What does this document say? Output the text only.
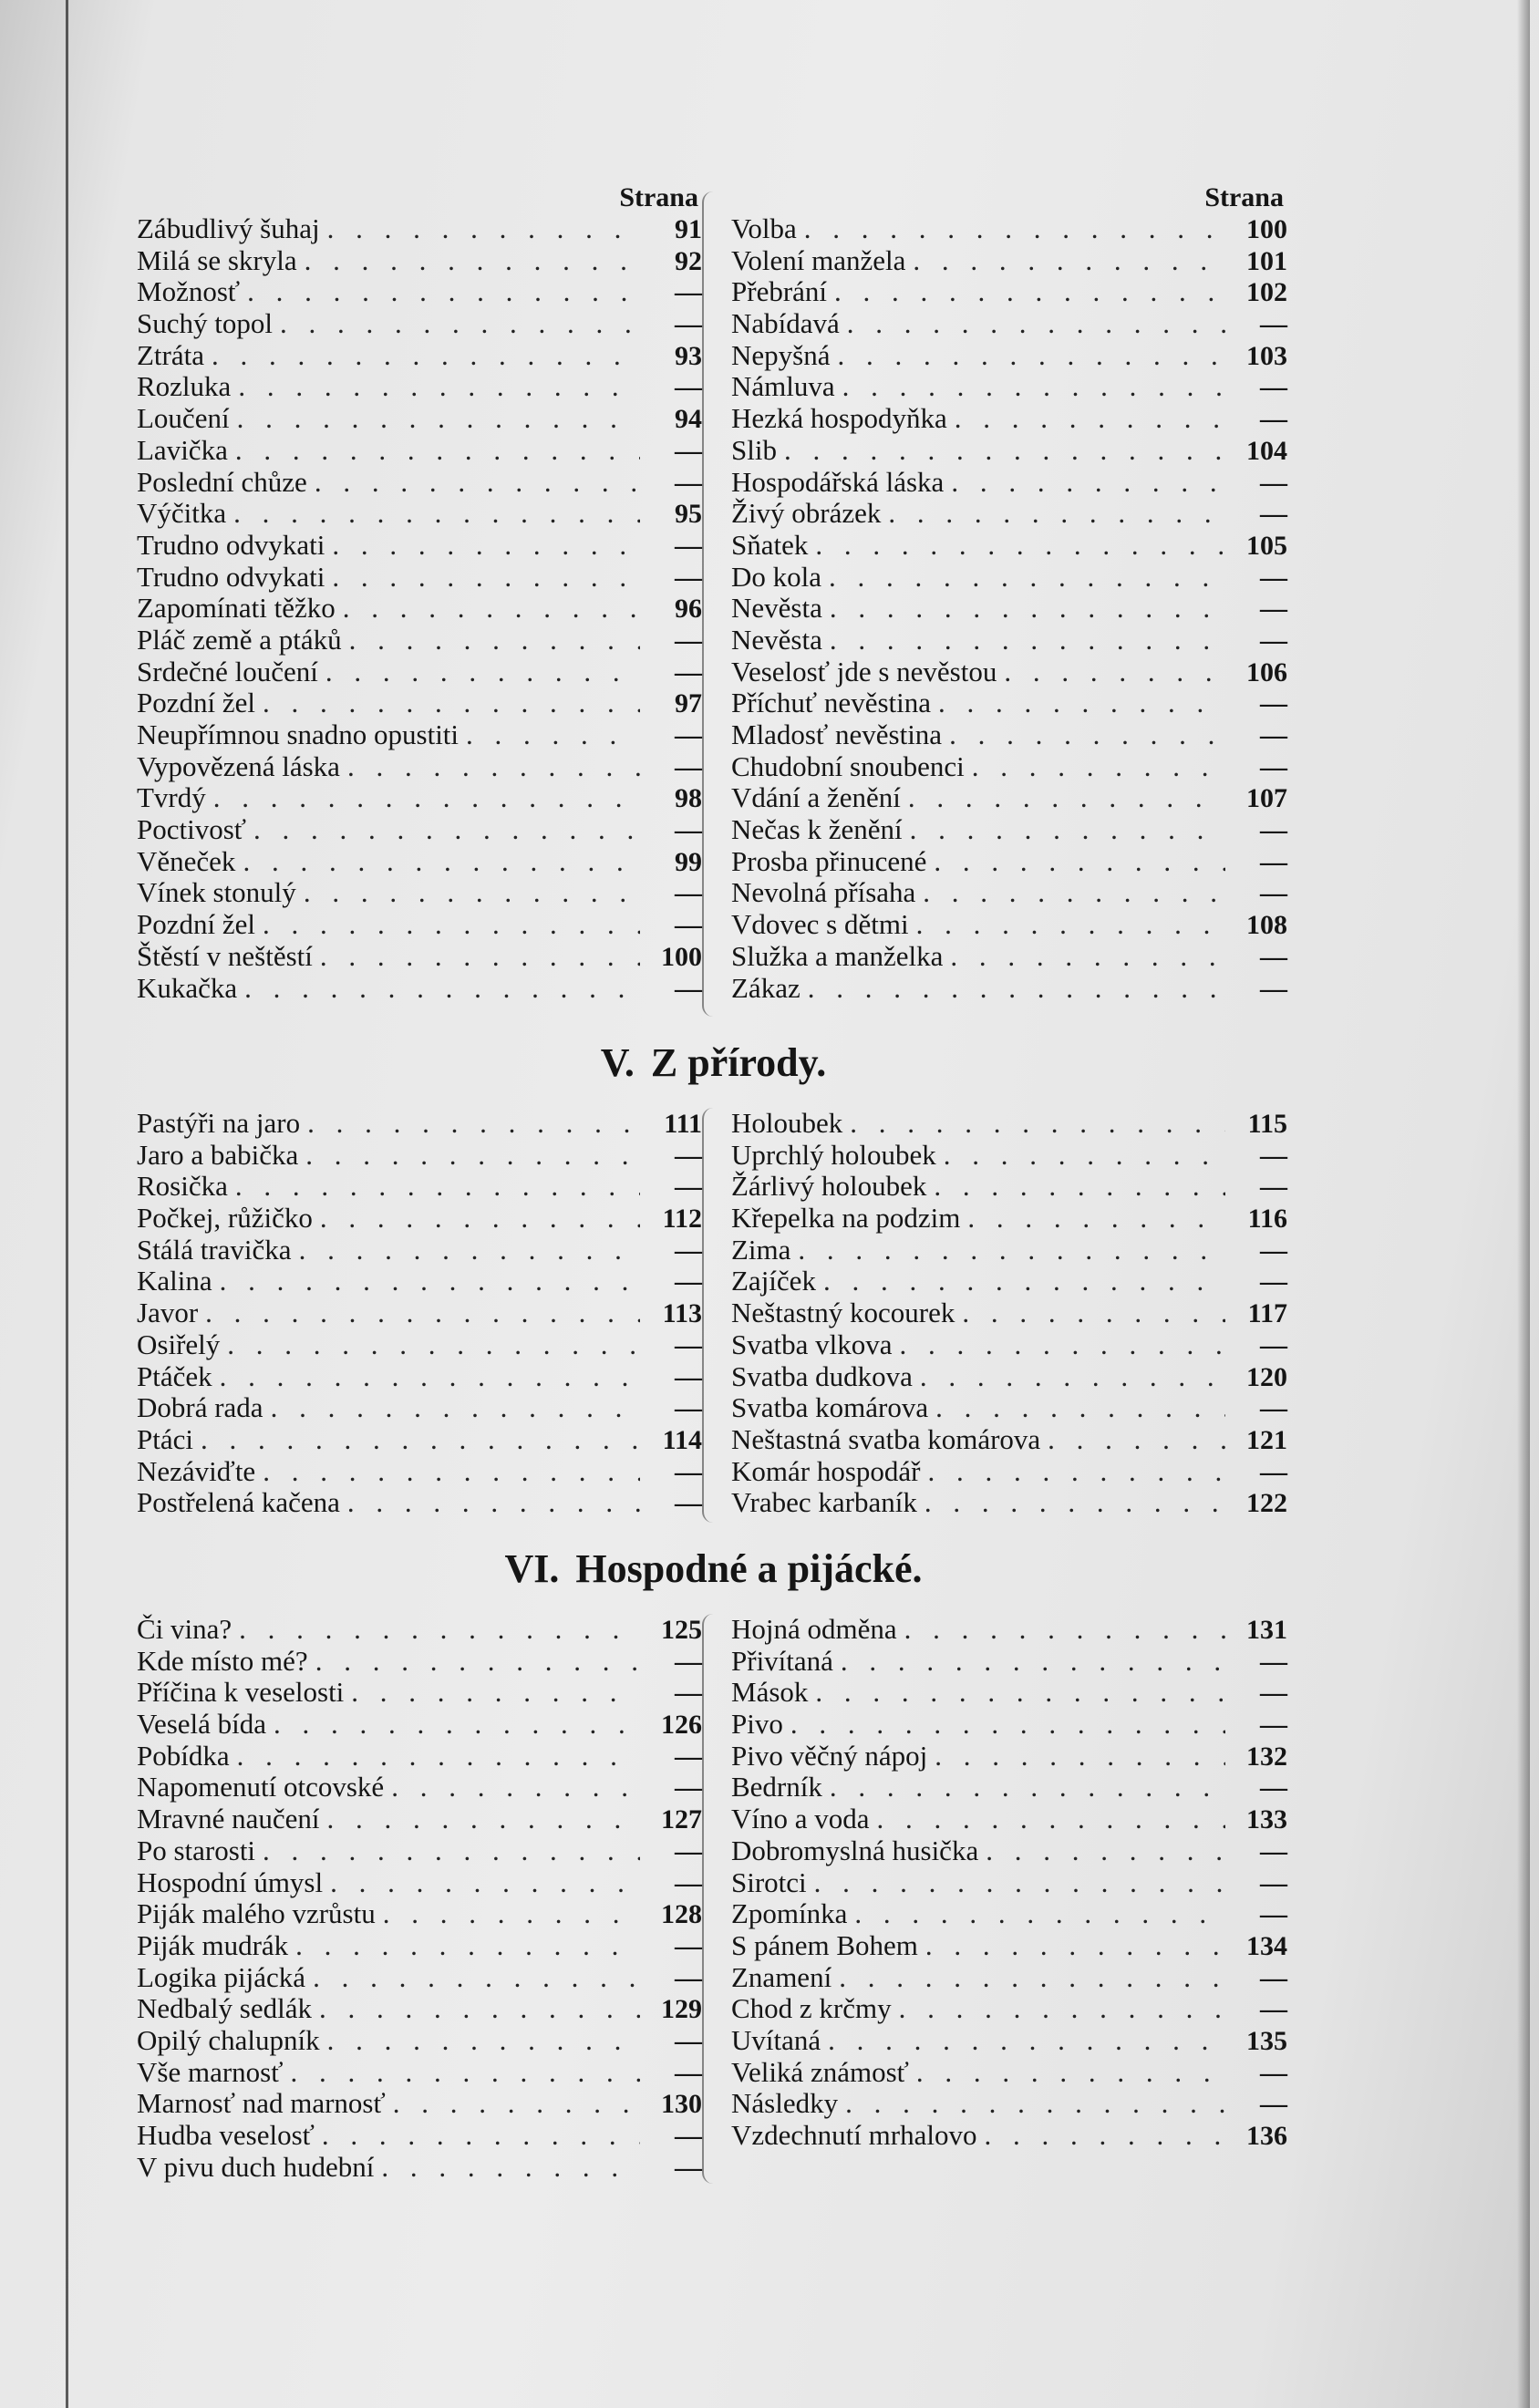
Strana
Zábudlivý šuhaj . . .	91
Milá se skryla . . .	92
Možnosť . . .	—
Suchý topol . . .	—
Ztráta . . .	93
Rozluka . . .	—
Loučení . . .	94
Lavička . . .	—
Poslední chůze . . .	—
Výčitka . . .	95
Trudno odvykati . . .	—
Trudno odvykati . . .	—
Zapomínati těžko . . .	96
Pláč země a ptáků . . .	—
Srdečné loučení . . .	—
Pozdní žel . . .	97
Neupřímnou snadno opustiti . . .	—
Vypovězená láska . . .	—
Tvrdý . . .	98
Poctivosť . . .	—
Věneček . . .	99
Vínek stonulý . . .	—
Pozdní žel . . .	—
Štěstí v neštěstí . . .	100
Kukačka . . .	—
Strana
Volba . . .	100
Volení manžela . . .	101
Přebrání . . .	102
Nabídavá . . .	—
Nepyšná . . .	103
Námluva . . .	—
Hezká hospodyňka . . .	—
Slib . . .	104
Hospodářská láska . . .	—
Živý obrázek . . .	—
Sňatek . . .	105
Do kola . . .	—
Nevěsta . . .	—
Nevěsta . . .	—
Veselosť jde s nevěstou . . .	106
Příchuť nevěstina . . .	—
Mladosť nevěstina . . .	—
Chudobní snoubenci . . .	—
Vdání a ženění . . .	107
Nečas k ženění . . .	—
Prosba přinucené . . .	—
Nevolná přísaha . . .	—
Vdovec s dětmi . . .	108
Služka a manželka . . .	—
Zákaz . . .	—
V. Z přírody.
Pastýři na jaro . . .	111
Jaro a babička . . .	—
Rosička . . .	—
Počkej, růžičko . . .	112
Stálá travička . . .	—
Kalina . . .	—
Javor . . .	113
Osiřelý . . .	—
Ptáček . . .	—
Dobrá rada . . .	—
Ptáci . . .	114
Nezáviďte . . .	—
Postřelená kačena . . .	—
Holoubek . . .	115
Uprchlý holoubek . . .	—
Žárlivý holoubek . . .	—
Křepelka na podzim . . .	116
Zima . . .	—
Zajíček . . .	—
Neštastný kocourek . . .	117
Svatba vlkova . . .	—
Svatba dudkova . . .	120
Svatba komárova . . .	—
Neštastná svatba komárova . . .	121
Komár hospodář . . .	—
Vrabec karbaník . . .	122
VI. Hospodné a pijácké.
Či vina? . . .	125
Kde místo mé? . . .	—
Příčina k veselosti . . .	—
Veselá bída . . .	126
Pobídka . . .	—
Napomenutí otcovské . . .	—
Mravné naučení . . .	127
Po starosti . . .	—
Hospodní úmysl . . .	—
Piják malého vzrůstu . . .	128
Piják mudrák . . .	—
Logika pijácká . . .	—
Nedbalý sedlák . . .	129
Opilý chalupník . . .	—
Vše marnosť . . .	—
Marnosť nad marnosť . . .	130
Hudba veselosť . . .	—
V pivu duch hudební . . .	—
Hojná odměna . . .	131
Přivítaná . . .	—
Mások . . .	—
Pivo . . .	—
Pivo věčný nápoj . . .	132
Bedrník . . .	—
Víno a voda . . .	133
Dobromyslná husička . . .	—
Sirotci . . .	—
Zpomínka . . .	—
S pánem Bohem . . .	134
Znamení . . .	—
Chod z krčmy . . .	—
Uvítaná . . .	135
Veliká známosť . . .	—
Následky . . .	—
Vzdechnutí mrhalovo . . .	136
